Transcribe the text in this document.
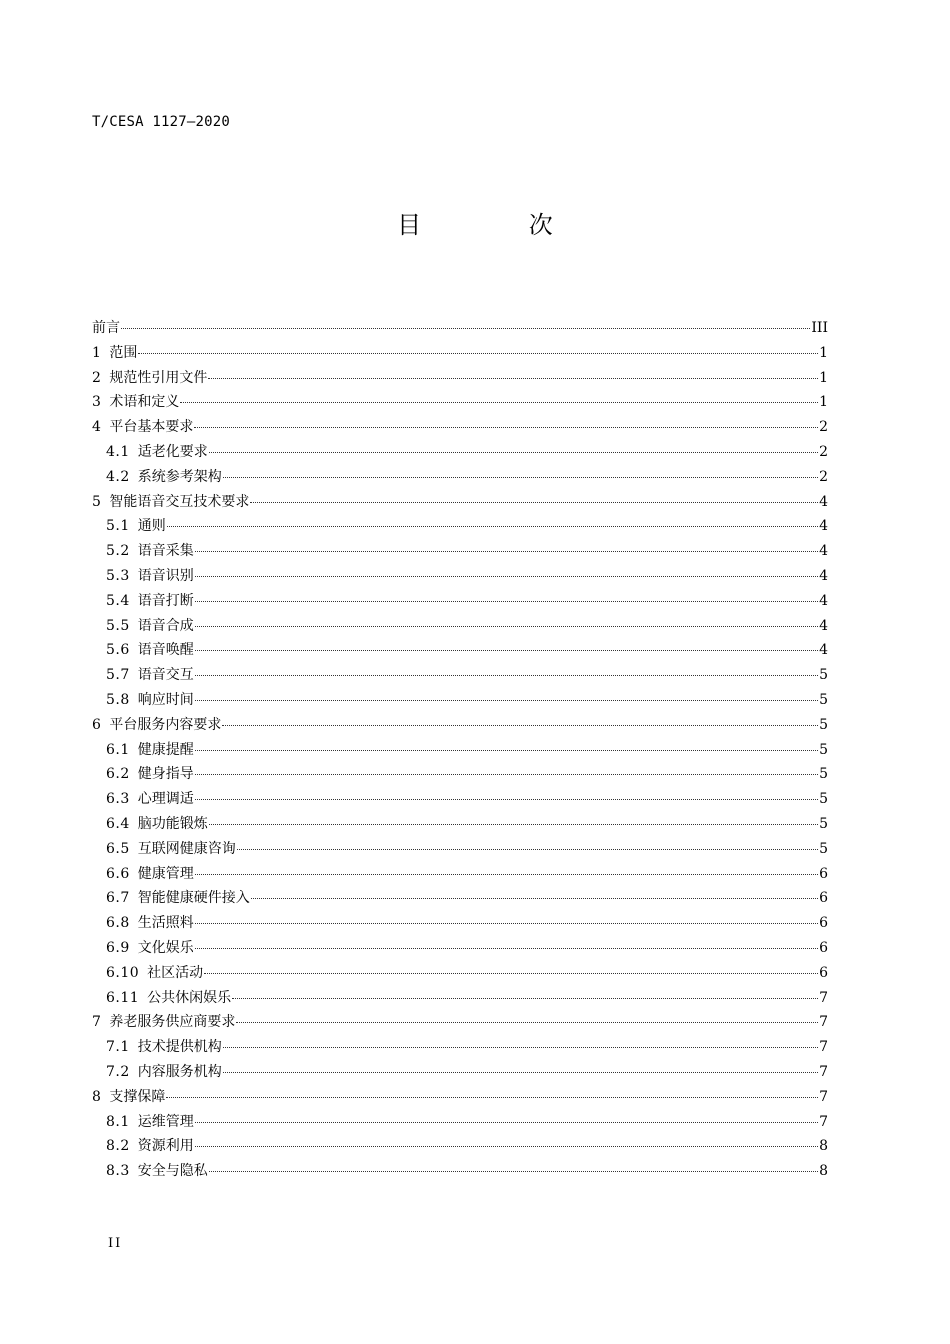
T/CESA 1127—2020
目 次
前言	III
1 范围	1
2 规范性引用文件	1
3 术语和定义	1
4 平台基本要求	2
4.1 适老化要求	2
4.2 系统参考架构	2
5 智能语音交互技术要求	4
5.1 通则	4
5.2 语音采集	4
5.3 语音识别	4
5.4 语音打断	4
5.5 语音合成	4
5.6 语音唤醒	4
5.7 语音交互	5
5.8 响应时间	5
6 平台服务内容要求	5
6.1 健康提醒	5
6.2 健身指导	5
6.3 心理调适	5
6.4 脑功能锻炼	5
6.5 互联网健康咨询	5
6.6 健康管理	6
6.7 智能健康硬件接入	6
6.8 生活照料	6
6.9 文化娱乐	6
6.10 社区活动	6
6.11 公共休闲娱乐	7
7 养老服务供应商要求	7
7.1 技术提供机构	7
7.2 内容服务机构	7
8 支撑保障	7
8.1 运维管理	7
8.2 资源利用	8
8.3 安全与隐私	8
II
